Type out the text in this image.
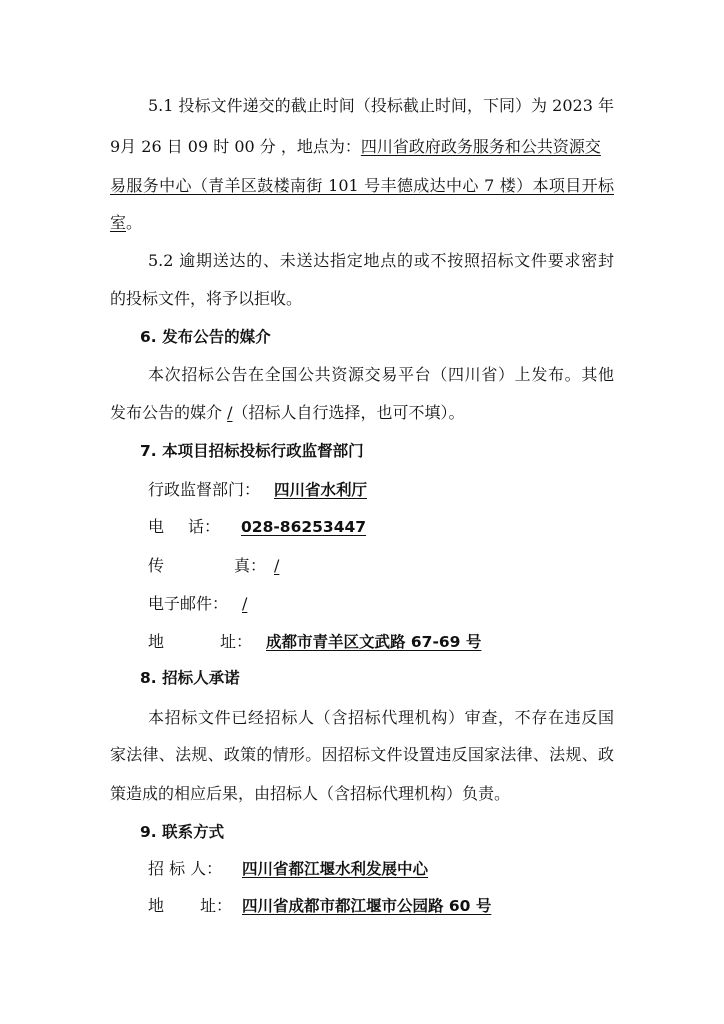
5.1 投标文件递交的截止时间（投标截止时间，下同）为 2023 年
9月 26 日 09 时 00 分 ，地点为：四川省政府政务服务和公共资源交
易服务中心（青羊区鼓楼南街 101 号丰德成达中心 7 楼）本项目开标
室。
5.2 逾期送达的、未送达指定地点的或不按照招标文件要求密封
的投标文件，将予以拒收。
6. 发布公告的媒介
本次招标公告在全国公共资源交易平台（四川省）上发布。其他
发布公告的媒介 /（招标人自行选择，也可不填）。
7. 本项目招标投标行政监督部门
行政监督部门： 四川省水利厅
电 话： 028-86253447
传	真： /
电子邮件： /
地	址： 成都市青羊区文武路 67-69 号
8. 招标人承诺
本招标文件已经招标人（含招标代理机构）审查，不存在违反国
家法律、法规、政策的情形。因招标文件设置违反国家法律、法规、政
策造成的相应后果，由招标人（含招标代理机构）负责。
9. 联系方式
招 标 人： 四川省都江堰水利发展中心
地 址： 四川省成都市都江堰市公园路 60 号
